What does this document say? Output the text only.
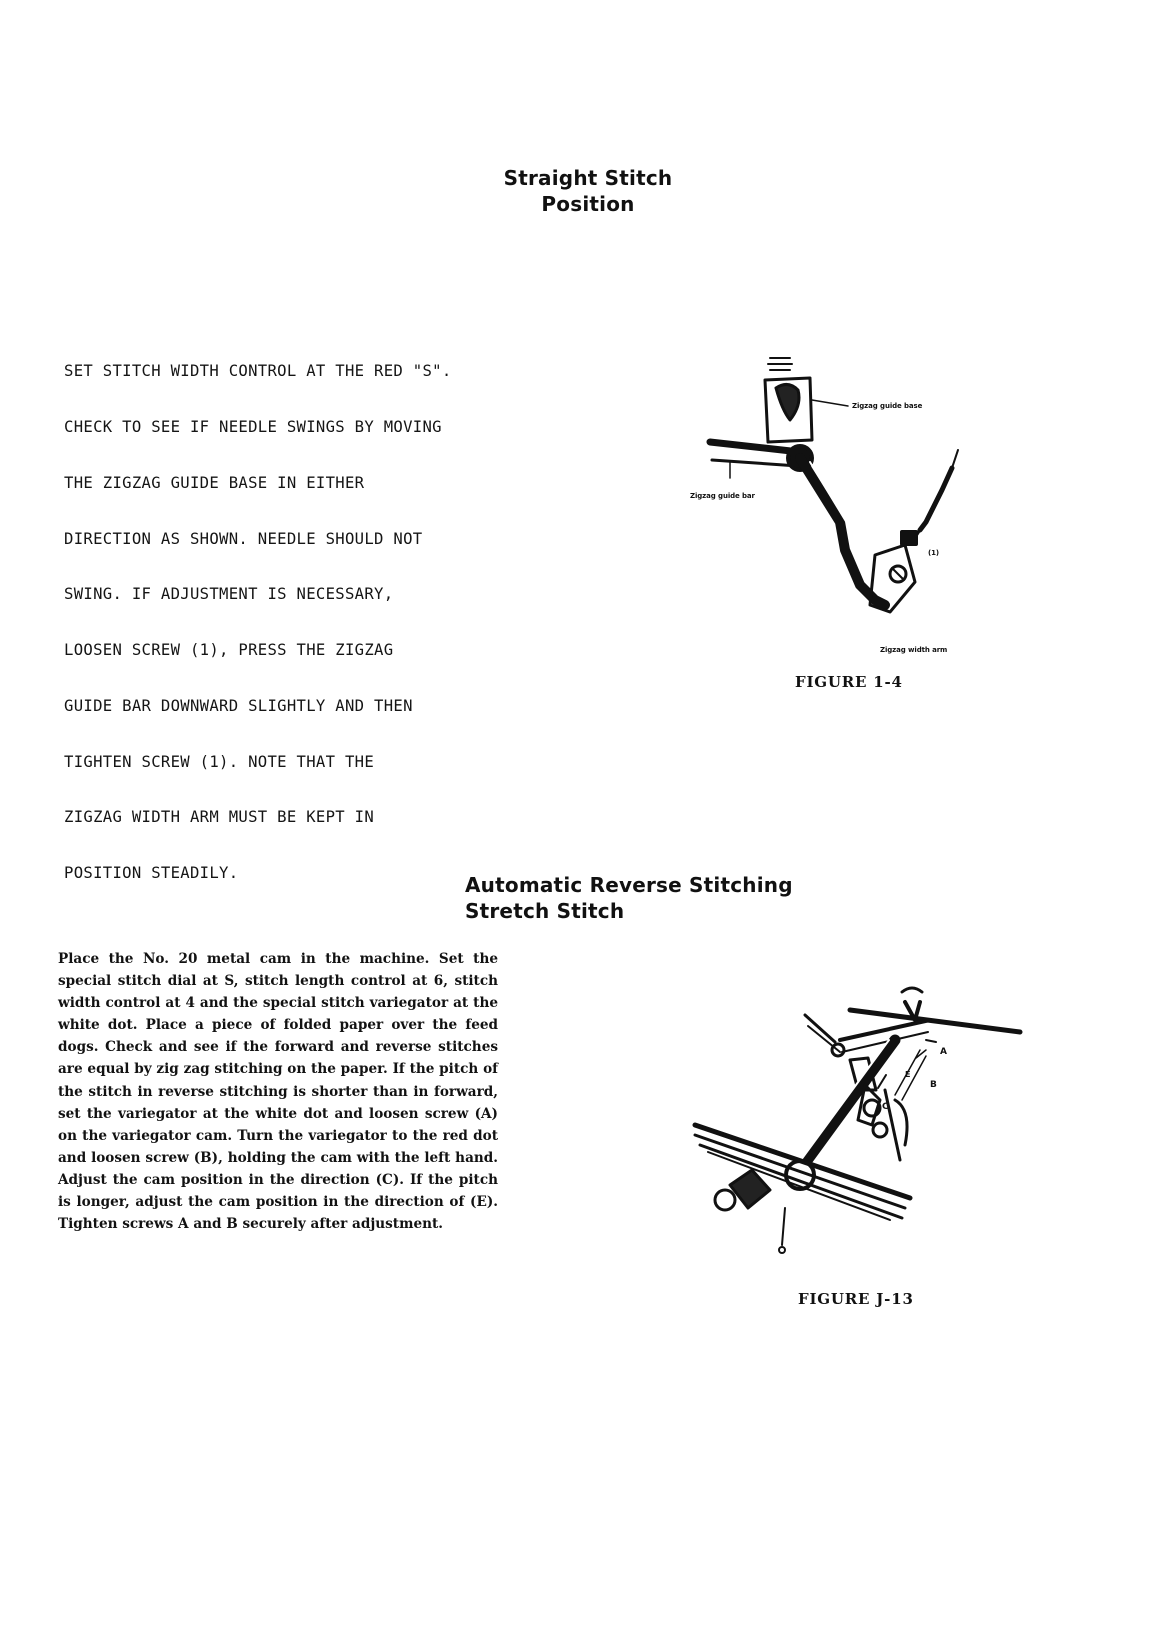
Straight Stitch
Position

SET STITCH WIDTH CONTROL AT THE RED "S".

CHECK TO SEE IF NEEDLE SWINGS BY MOVING

THE ZIGZAG GUIDE BASE IN EITHER

DIRECTION AS SHOWN. NEEDLE SHOULD NOT

SWING. IF ADJUSTMENT IS NECESSARY,

LOOSEN SCREW (1), PRESS THE ZIGZAG

GUIDE BAR DOWNWARD SLIGHTLY AND THEN

TIGHTEN SCREW (1). NOTE THAT THE

ZIGZAG WIDTH ARM MUST BE KEPT IN

POSITION STEADILY.

Zigzag guide base
Zigzag guide bar
(1)
Zigzag width arm
FIGURE 1-4
Automatic Reverse Stitching
Stretch Stitch
Place the No. 20 metal cam in the machine. Set the special stitch dial at S, stitch length control at 6, stitch width control at 4 and the special stitch variegator at the white dot. Place a piece of folded paper over the feed dogs. Check and see if the forward and reverse stitches are equal by zig zag stitching on the paper. If the pitch of the stitch in reverse stitching is shorter than in forward, set the variegator at the white dot and loosen screw (A) on the variegator cam. Turn the variegator to the red dot and loosen screw (B), holding the cam with the left hand. Adjust the cam position in the direction (C). If the pitch is longer, adjust the cam position in the direction of (E). Tighten screws A and B securely after adjustment.
A
B
C
E
FIGURE J-13
